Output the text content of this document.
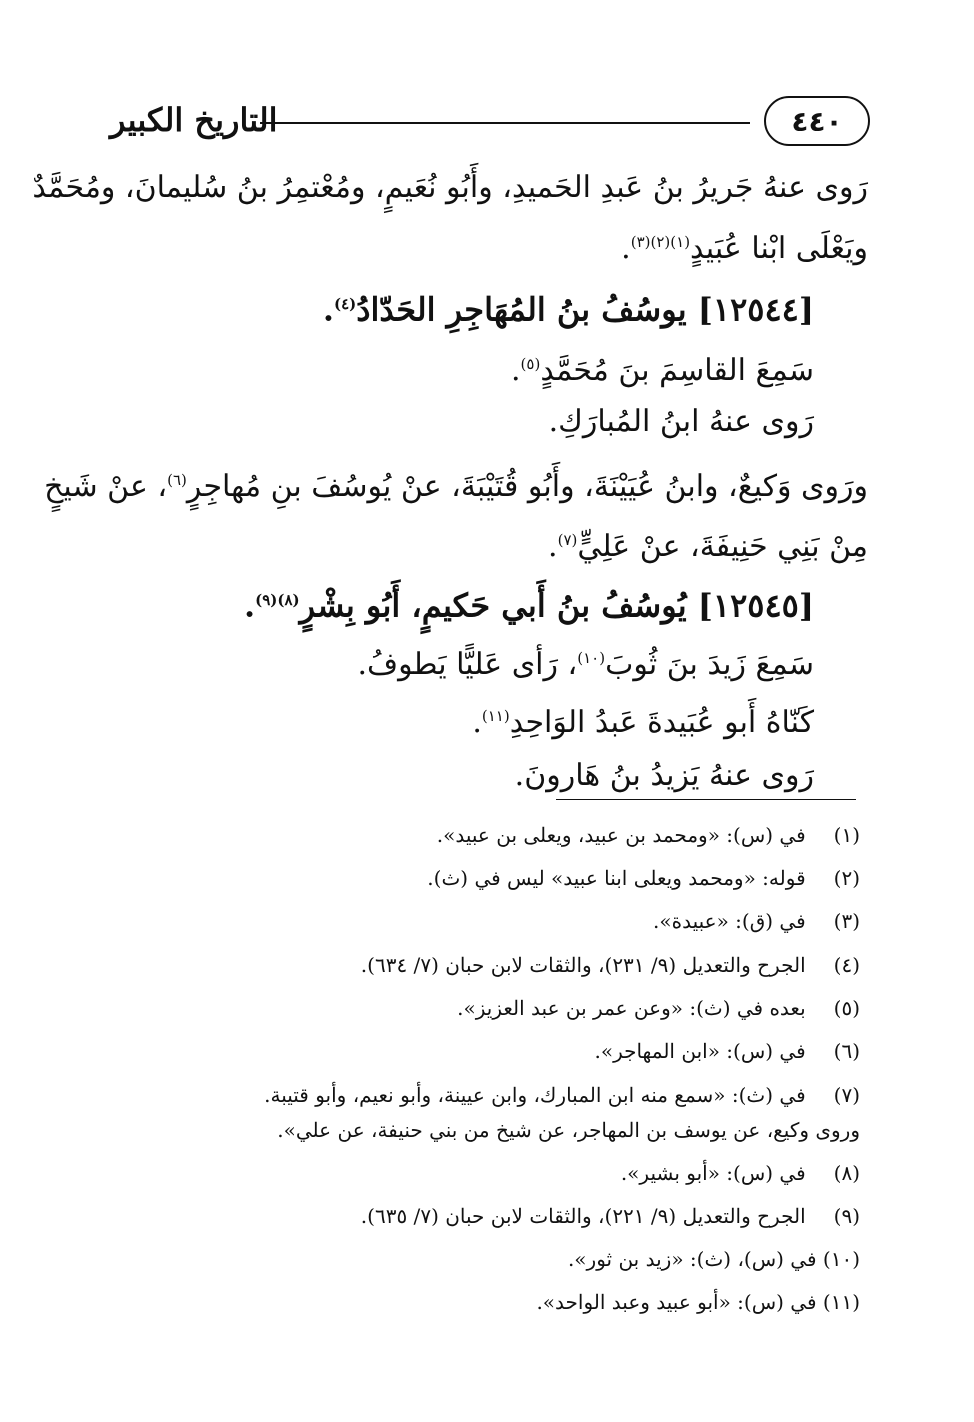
التاريخ الكبير	٤٤٠
رَوى عنهُ جَريرُ بنُ عَبدِ الحَميدِ، وأَبُو نُعَيمٍ، ومُعْتمِرُ بنُ سُليمانَ، ومُحَمَّدٌ
ويَعْلَى ابْنا عُبَيدٍ$^{(١)(٢)(٣)}$.
[١٢٥٤٤] يوسُفُ بنُ المُهَاجِرِ الحَدّادُ$^{(٤)}$.
سَمِعَ القاسِمَ بنَ مُحَمَّدٍ$^{(٥)}$.
رَوى عنهُ ابنُ المُبارَكِ.
ورَوى وَكيعٌ، وابنُ عُيَيْنَةَ، وأَبُو قُتَيْبَةَ، عنْ يُوسُفَ بنِ مُهاجِرٍ$^{(٦)}$، عنْ شَيخٍ
مِنْ بَنِي حَنِيفَةَ، عنْ عَلِيٍّ$^{(٧)}$.
[١٢٥٤٥] يُوسُفُ بنُ أَبي حَكيمٍ، أَبُو بِشْرٍ$^{(٨)(٩)}$.
سَمِعَ زَيدَ بنَ ثُوبَ$^{(١٠)}$، رَأى عَليًّا يَطوفُ.
كَنّاهُ أَبو عُبَيدةَ عَبدُ الوَاحِدِ$^{(١١)}$.
رَوى عنهُ يَزيدُ بنُ هَارونَ.
(١) في (س): «ومحمد بن عبيد، ويعلى بن عبيد».
(٢) قوله: «ومحمد ويعلى ابنا عبيد» ليس في (ث).
(٣) في (ق): «عبيدة».
(٤) الجرح والتعديل (٩/ ٢٣١)، والثقات لابن حبان (٧/ ٦٣٤).
(٥) بعده في (ث): «وعن عمر بن عبد العزيز».
(٦) في (س): «ابن المهاجر».
(٧) في (ث): «سمع منه ابن المبارك، وابن عيينة، وأبو نعيم، وأبو قتيبة.
وروى وكيع، عن يوسف بن المهاجر، عن شيخ من بني حنيفة، عن علي».
(٨) في (س): «أبو بشير».
(٩) الجرح والتعديل (٩/ ٢٢١)، والثقات لابن حبان (٧/ ٦٣٥).
(١٠) في (س)، (ث): «زيد بن ثور».
(١١) في (س): «أبو عبيد وعبد الواحد».
